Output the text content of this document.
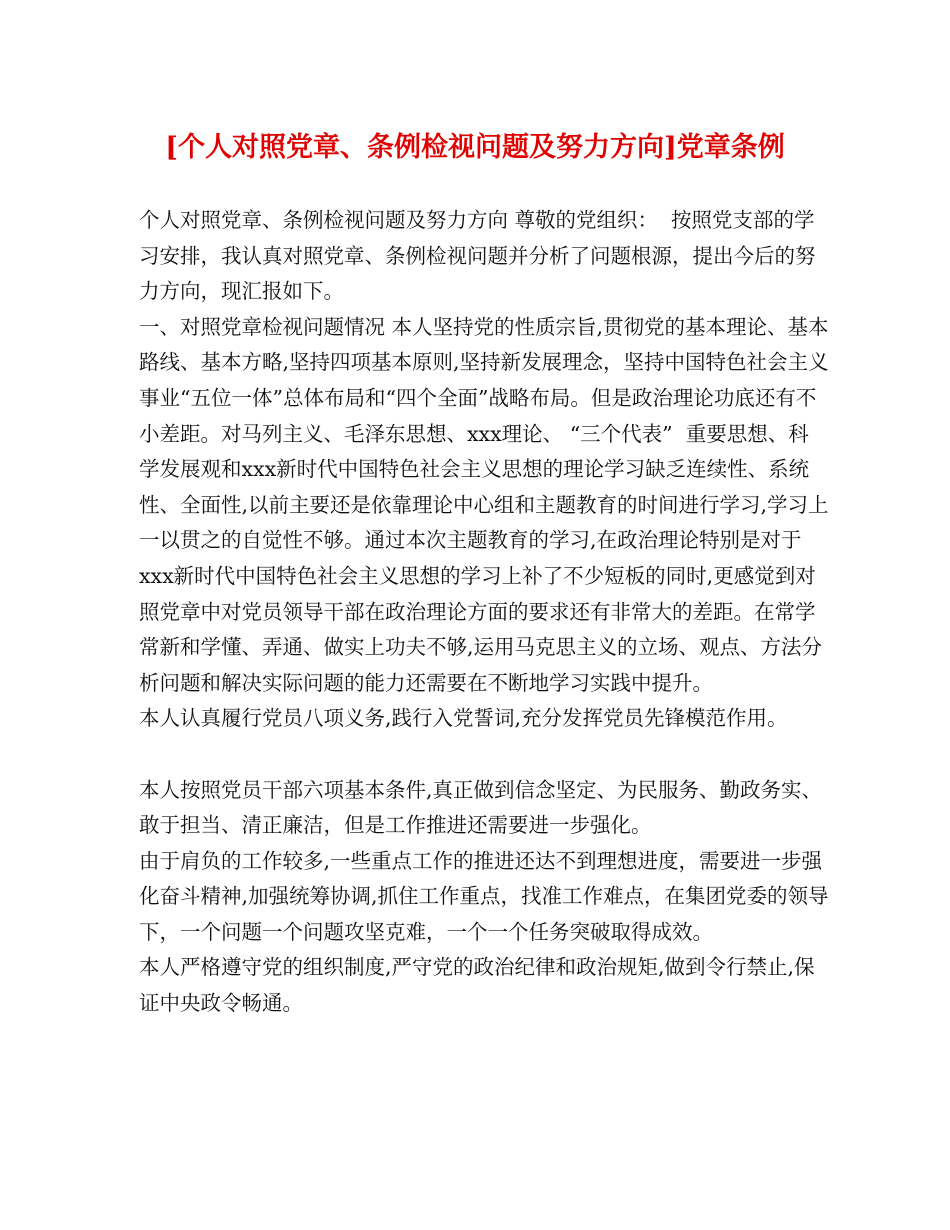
[个人对照党章、条例检视问题及努力方向]党章条例

个人对照党章、条例检视问题及努力方向 尊敬的党组织：  按照党支部的学习安排，我认真对照党章、条例检视问题并分析了问题根源，提出今后的努力方向，现汇报如下。

一、对照党章检视问题情况 本人坚持党的性质宗旨,贯彻党的基本理论、基本路线、基本方略,坚持四项基本原则,坚持新发展理念，坚持中国特色社会主义事业“五位一体”总体布局和“四个全面”战略布局。但是政治理论功底还有不小差距。对马列主义、毛泽东思想、xxx理论、 “三个代表”  重要思想、科学发展观和xxx新时代中国特色社会主义思想的理论学习缺乏连续性、系统性、全面性,以前主要还是依靠理论中心组和主题教育的时间进行学习,学习上一以贯之的自觉性不够。通过本次主题教育的学习,在政治理论特别是对于xxx新时代中国特色社会主义思想的学习上补了不少短板的同时,更感觉到对照党章中对党员领导干部在政治理论方面的要求还有非常大的差距。在常学常新和学懂、弄通、做实上功夫不够,运用马克思主义的立场、观点、方法分析问题和解决实际问题的能力还需要在不断地学习实践中提升。

本人认真履行党员八项义务,践行入党誓词,充分发挥党员先锋模范作用。

本人按照党员干部六项基本条件,真正做到信念坚定、为民服务、勤政务实、敢于担当、清正廉洁，但是工作推进还需要进一步强化。

由于肩负的工作较多,一些重点工作的推进还达不到理想进度，需要进一步强化奋斗精神,加强统筹协调,抓住工作重点，找准工作难点，在集团党委的领导下，一个问题一个问题攻坚克难，一个一个任务突破取得成效。

本人严格遵守党的组织制度,严守党的政治纪律和政治规矩,做到令行禁止,保证中央政令畅通。
